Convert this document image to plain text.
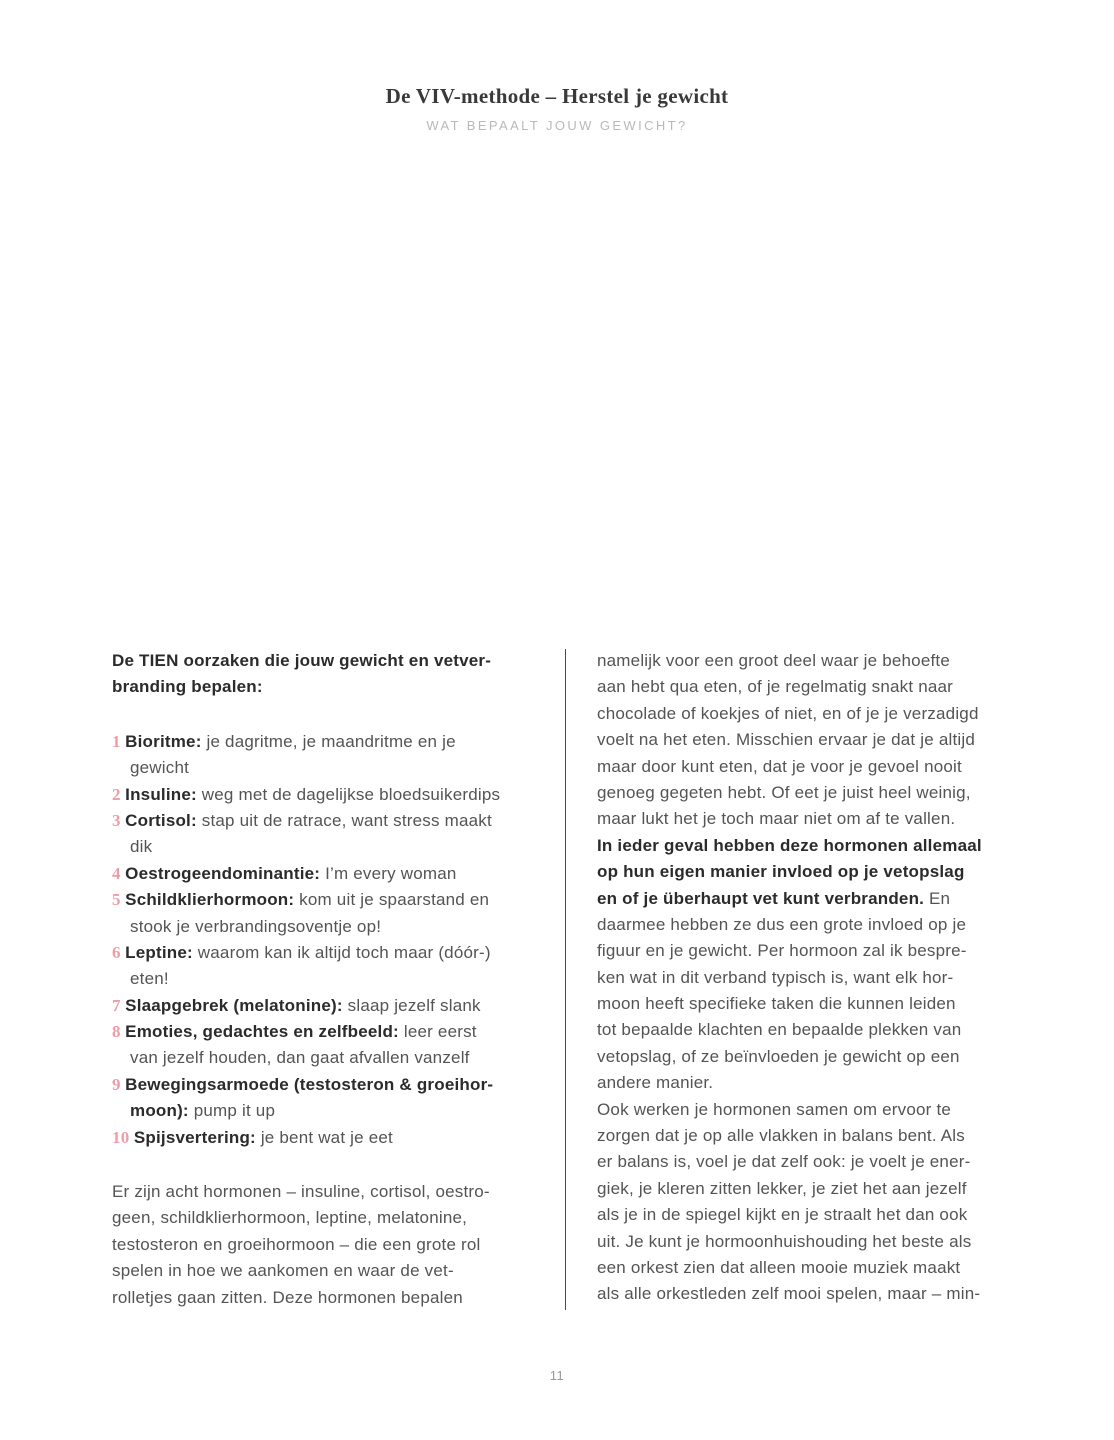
De VIV-methode – Herstel je gewicht
WAT BEPAALT JOUW GEWICHT?
De TIEN oorzaken die jouw gewicht en vetver-
branding bepalen:
1 Bioritme: je dagritme, je maandritme en je
gewicht
2 Insuline: weg met de dagelijkse bloedsuikerdips
3 Cortisol: stap uit de ratrace, want stress maakt
dik
4 Oestrogeendominantie: I’m every woman
5 Schildklierhormoon: kom uit je spaarstand en
stook je verbrandingsoventje op!
6 Leptine: waarom kan ik altijd toch maar (dóór-)
eten!
7 Slaapgebrek (melatonine): slaap jezelf slank
8 Emoties, gedachtes en zelfbeeld: leer eerst
van jezelf houden, dan gaat afvallen vanzelf
9 Bewegingsarmoede (testosteron & groeihor-
moon): pump it up
10 Spijsvertering: je bent wat je eet
Er zijn acht hormonen – insuline, cortisol, oestro-
geen, schildklierhormoon, leptine, melatonine,
testosteron en groeihormoon – die een grote rol
spelen in hoe we aankomen en waar de vet-
rolletjes gaan zitten. Deze hormonen bepalen
namelijk voor een groot deel waar je behoefte
aan hebt qua eten, of je regelmatig snakt naar
chocolade of koekjes of niet, en of je je verzadigd
voelt na het eten. Misschien ervaar je dat je altijd
maar door kunt eten, dat je voor je gevoel nooit
genoeg gegeten hebt. Of eet je juist heel weinig,
maar lukt het je toch maar niet om af te vallen.
In ieder geval hebben deze hormonen allemaal
op hun eigen manier invloed op je vetopslag
en of je überhaupt vet kunt verbranden. En
daarmee hebben ze dus een grote invloed op je
figuur en je gewicht. Per hormoon zal ik bespre-
ken wat in dit verband typisch is, want elk hor-
moon heeft specifieke taken die kunnen leiden
tot bepaalde klachten en bepaalde plekken van
vetopslag, of ze beïnvloeden je gewicht op een
andere manier.
Ook werken je hormonen samen om ervoor te
zorgen dat je op alle vlakken in balans bent. Als
er balans is, voel je dat zelf ook: je voelt je ener-
giek, je kleren zitten lekker, je ziet het aan jezelf
als je in de spiegel kijkt en je straalt het dan ook
uit. Je kunt je hormoonhuishouding het beste als
een orkest zien dat alleen mooie muziek maakt
als alle orkestleden zelf mooi spelen, maar – min-
11
